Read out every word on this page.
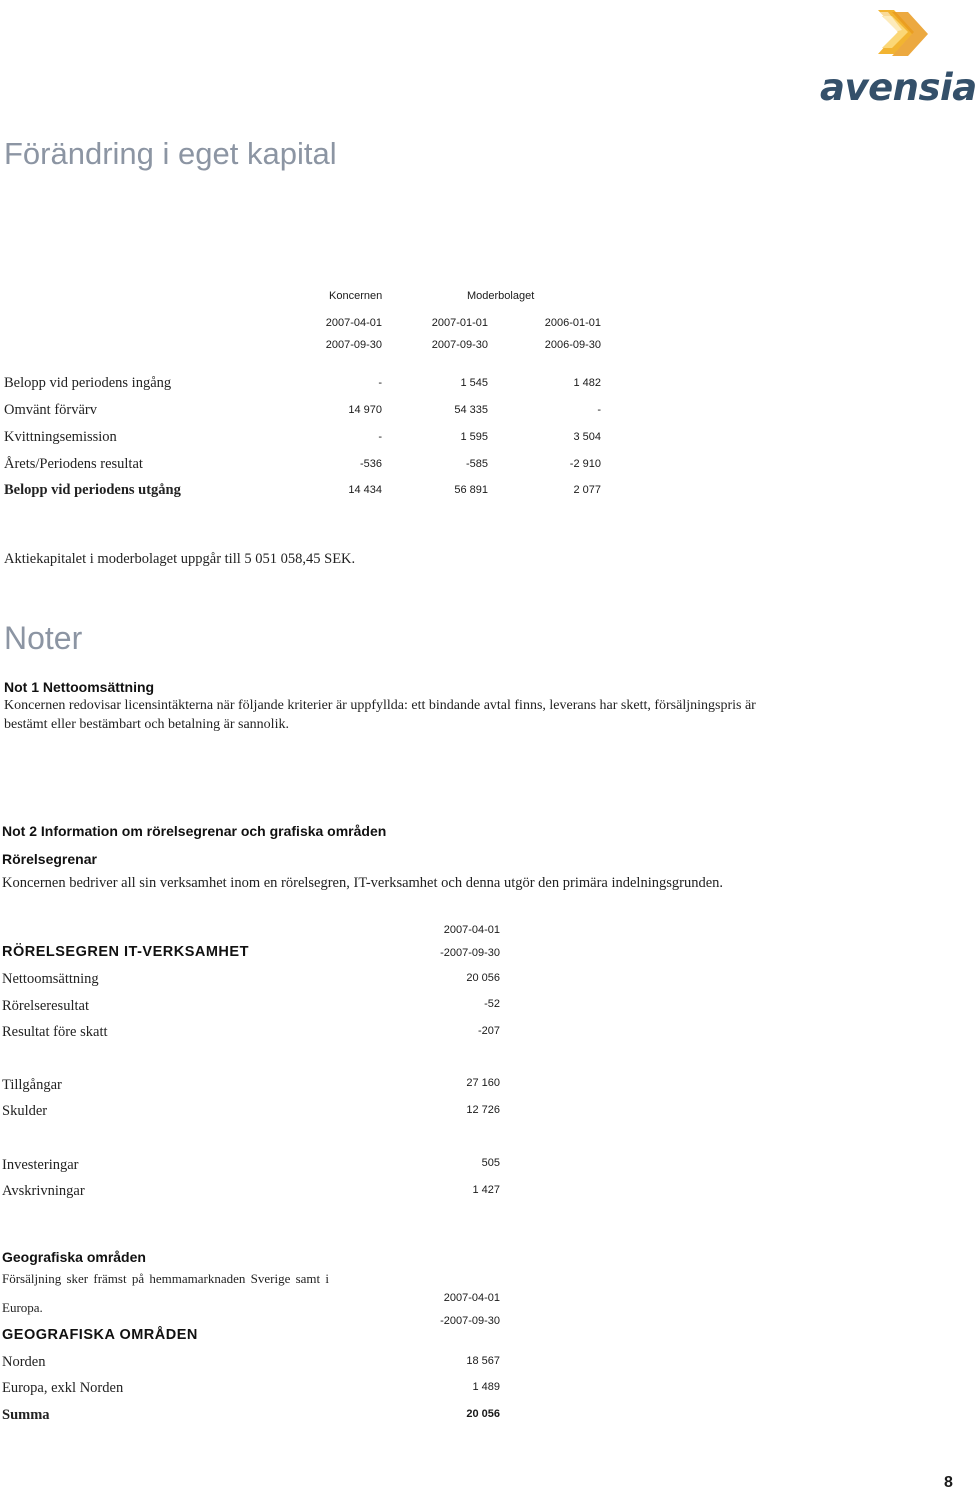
avensia
Förändring i eget kapital
Koncernen	Moderbolaget
2007-04-01	2007-01-01	2006-01-01
2007-09-30	2007-09-30	2006-09-30
Belopp vid periodens ingång	-	1 545	1 482
Omvänt förvärv	14 970	54 335	-
Kvittningsemission	-	1 595	3 504
Årets/Periodens resultat	-536	-585	-2 910
Belopp vid periodens utgång	14 434	56 891	2 077
Aktiekapitalet i moderbolaget uppgår till 5 051 058,45 SEK.
Noter
Not 1 Nettoomsättning
Koncernen redovisar licensintäkterna när följande kriterier är uppfyllda: ett bindande avtal finns, leverans har skett, försäljningspris är
bestämt eller bestämbart och betalning är sannolik.
Not 2 Information om rörelsegrenar och grafiska områden
Rörelsegrenar
Koncernen bedriver all sin verksamhet inom en rörelsegren, IT-verksamhet och denna utgör den primära indelningsgrunden.
2007-04-01
RÖRELSEGREN IT-VERKSAMHET	-2007-09-30
Nettoomsättning	20 056
Rörelseresultat	-52
Resultat före skatt	-207
Tillgångar	27 160
Skulder	12 726
Investeringar	505
Avskrivningar	1 427
Geografiska områden
Försäljning sker främst på hemmamarknaden Sverige samt i
Europa.
2007-04-01
GEOGRAFISKA OMRÅDEN
-2007-09-30
Norden	18 567
Europa, exkl Norden	1 489
Summa	20 056
8
